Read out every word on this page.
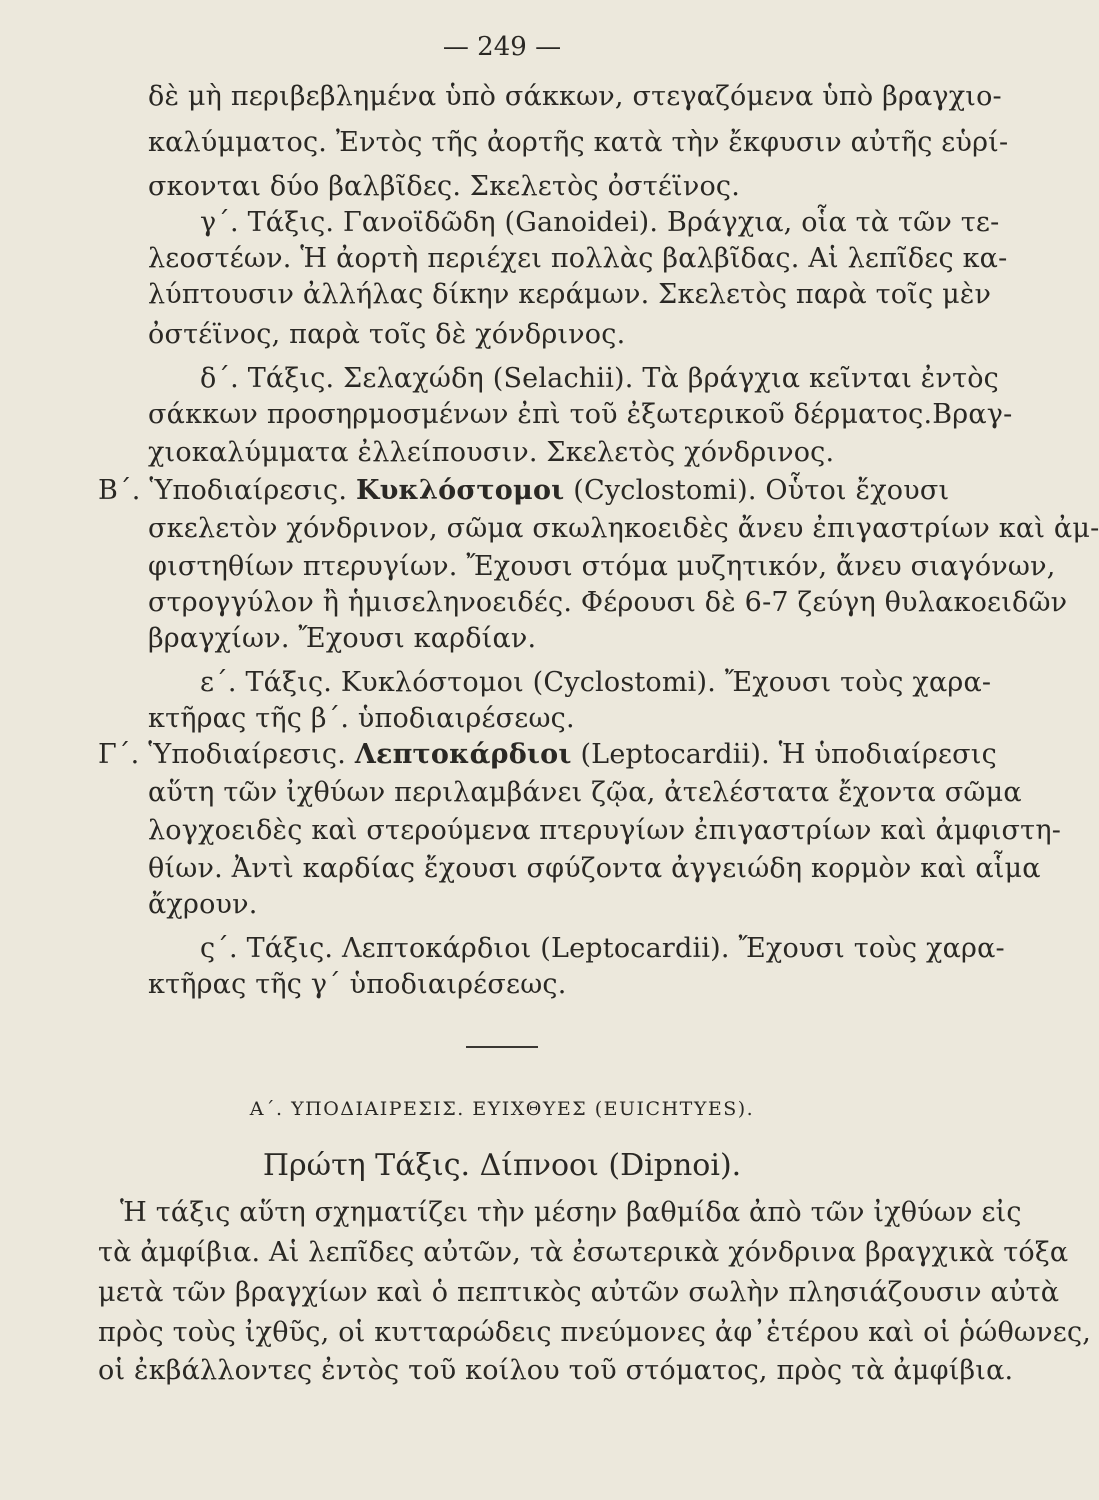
— 249 —
δὲ μὴ περιβεβλημένα ὑπὸ σάκκων, στεγαζόμενα ὑπὸ βραγχιο-
καλύμματος. Ἐντὸς τῆς ἀορτῆς κατὰ τὴν ἔκφυσιν αὐτῆς εὑρί-
σκονται δύο βαλβῖδες. Σκελετὸς ὀστέϊνος.
γ΄. Τάξις. Γανοϊδῶδη (Ganoidei). Βράγχια, οἷα τὰ τῶν τε-
λεοστέων. Ἡ ἀορτὴ περιέχει πολλὰς βαλβῖδας. Αἱ λεπῖδες κα-
λύπτουσιν ἀλλήλας δίκην κεράμων. Σκελετὸς παρὰ τοῖς μὲν
ὀστέϊνος, παρὰ τοῖς δὲ χόνδρινος.
δ΄. Τάξις. Σελαχώδη (Selachii). Τὰ βράγχια κεῖνται ἐντὸς
σάκκων προσηρμοσμένων ἐπὶ τοῦ ἐξωτερικοῦ δέρματος.Βραγ-
χιοκαλύμματα ἐλλείπουσιν. Σκελετὸς χόνδρινος.
Β΄. Ὑποδιαίρεσις. Κυκλόστομοι (Cyclostomi). Οὗτοι ἔχουσι
σκελετὸν χόνδρινον, σῶμα σκωληκοειδὲς ἄνευ ἐπιγαστρίων καὶ ἀμ-
φιστηθίων πτερυγίων. Ἔχουσι στόμα μυζητικόν, ἄνευ σιαγόνων,
στρογγύλον ἢ ἡμισεληνοειδές. Φέρουσι δὲ 6-7 ζεύγη θυλακοειδῶν
βραγχίων. Ἔχουσι καρδίαν.
ε΄. Τάξις. Κυκλόστομοι (Cyclostomi). Ἔχουσι τοὺς χαρα-
κτῆρας τῆς β΄. ὑποδιαιρέσεως.
Γ΄. Ὑποδιαίρεσις. Λεπτοκάρδιοι (Leptocardii). Ἡ ὑποδιαίρεσις
αὕτη τῶν ἰχθύων περιλαμβάνει ζῷα, ἀτελέστατα ἔχοντα σῶμα
λογχοειδὲς καὶ στερούμενα πτερυγίων ἐπιγαστρίων καὶ ἀμφιστη-
θίων. Ἀντὶ καρδίας ἔχουσι σφύζοντα ἀγγειώδη κορμὸν καὶ αἷμα
ἄχρουν.
ς΄. Τάξις. Λεπτοκάρδιοι (Leptocardii). Ἔχουσι τοὺς χαρα-
κτῆρας τῆς γ΄ ὑποδιαιρέσεως.
Α΄. ΥΠΟΔΙΑΙΡΕΣΙΣ. ΕΥΙΧΘΥΕΣ (EUICHTYES).
Πρώτη Τάξις. Δίπνοοι (Dipnoi).
Ἡ τάξις αὕτη σχηματίζει τὴν μέσην βαθμίδα ἀπὸ τῶν ἰχθύων εἰς
τὰ ἀμφίβια. Αἱ λεπῖδες αὐτῶν, τὰ ἐσωτερικὰ χόνδρινα βραγχικὰ τόξα
μετὰ τῶν βραγχίων καὶ ὁ πεπτικὸς αὐτῶν σωλὴν πλησιάζουσιν αὐτὰ
πρὸς τοὺς ἰχθῦς, οἱ κυτταρώδεις πνεύμονες ἀφ᾿ἑτέρου καὶ οἱ ῥώθωνες,
οἱ ἐκβάλλοντες ἐντὸς τοῦ κοίλου τοῦ στόματος, πρὸς τὰ ἀμφίβια.
